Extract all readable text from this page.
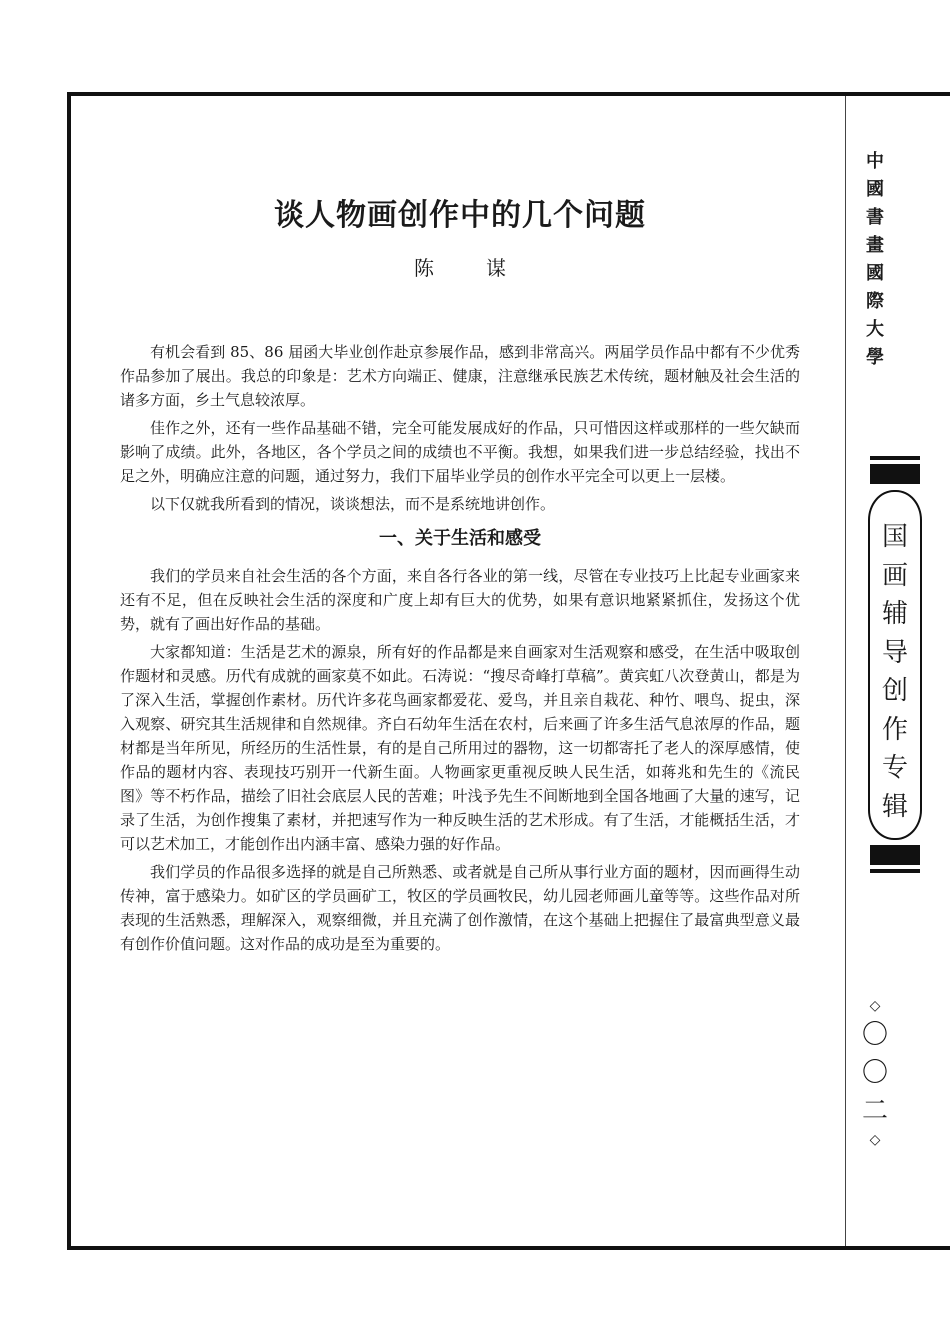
谈人物画创作中的几个问题
陈	谋

有机会看到 85、86 届函大毕业创作赴京参展作品，感到非常高兴。两届学员作品中都有不少优秀作品参加了展出。我总的印象是：艺术方向端正、健康，注意继承民族艺术传统，题材触及社会生活的诸多方面，乡土气息较浓厚。

佳作之外，还有一些作品基础不错，完全可能发展成好的作品，只可惜因这样或那样的一些欠缺而影响了成绩。此外，各地区，各个学员之间的成绩也不平衡。我想，如果我们进一步总结经验，找出不足之外，明确应注意的问题，通过努力，我们下届毕业学员的创作水平完全可以更上一层楼。

以下仅就我所看到的情况，谈谈想法，而不是系统地讲创作。

一、关于生活和感受

我们的学员来自社会生活的各个方面，来自各行各业的第一线，尽管在专业技巧上比起专业画家来还有不足，但在反映社会生活的深度和广度上却有巨大的优势，如果有意识地紧紧抓住，发扬这个优势，就有了画出好作品的基础。

大家都知道：生活是艺术的源泉，所有好的作品都是来自画家对生活观察和感受，在生活中吸取创作题材和灵感。历代有成就的画家莫不如此。石涛说：“搜尽奇峰打草稿”。黄宾虹八次登黄山，都是为了深入生活，掌握创作素材。历代许多花鸟画家都爱花、爱鸟，并且亲自栽花、种竹、喂鸟、捉虫，深入观察、研究其生活规律和自然规律。齐白石幼年生活在农村，后来画了许多生活气息浓厚的作品，题材都是当年所见，所经历的生活性景，有的是自己所用过的器物，这一切都寄托了老人的深厚感情，使作品的题材内容、表现技巧别开一代新生面。人物画家更重视反映人民生活，如蒋兆和先生的《流民图》等不朽作品，描绘了旧社会底层人民的苦难；叶浅予先生不间断地到全国各地画了大量的速写，记录了生活，为创作搜集了素材，并把速写作为一种反映生活的艺术形成。有了生活，才能概括生活，才可以艺术加工，才能创作出内涵丰富、感染力强的好作品。

我们学员的作品很多选择的就是自己所熟悉、或者就是自己所从事行业方面的题材，因而画得生动传神，富于感染力。如矿区的学员画矿工，牧区的学员画牧民，幼儿园老师画儿童等等。这些作品对所表现的生活熟悉，理解深入，观察细微，并且充满了创作激情，在这个基础上把握住了最富典型意义最有创作价值问题。这对作品的成功是至为重要的。

中
國
書
畫
國
際
大
學
国
画
辅
导
创
作
专
辑
◇
〇
〇
二
◇
